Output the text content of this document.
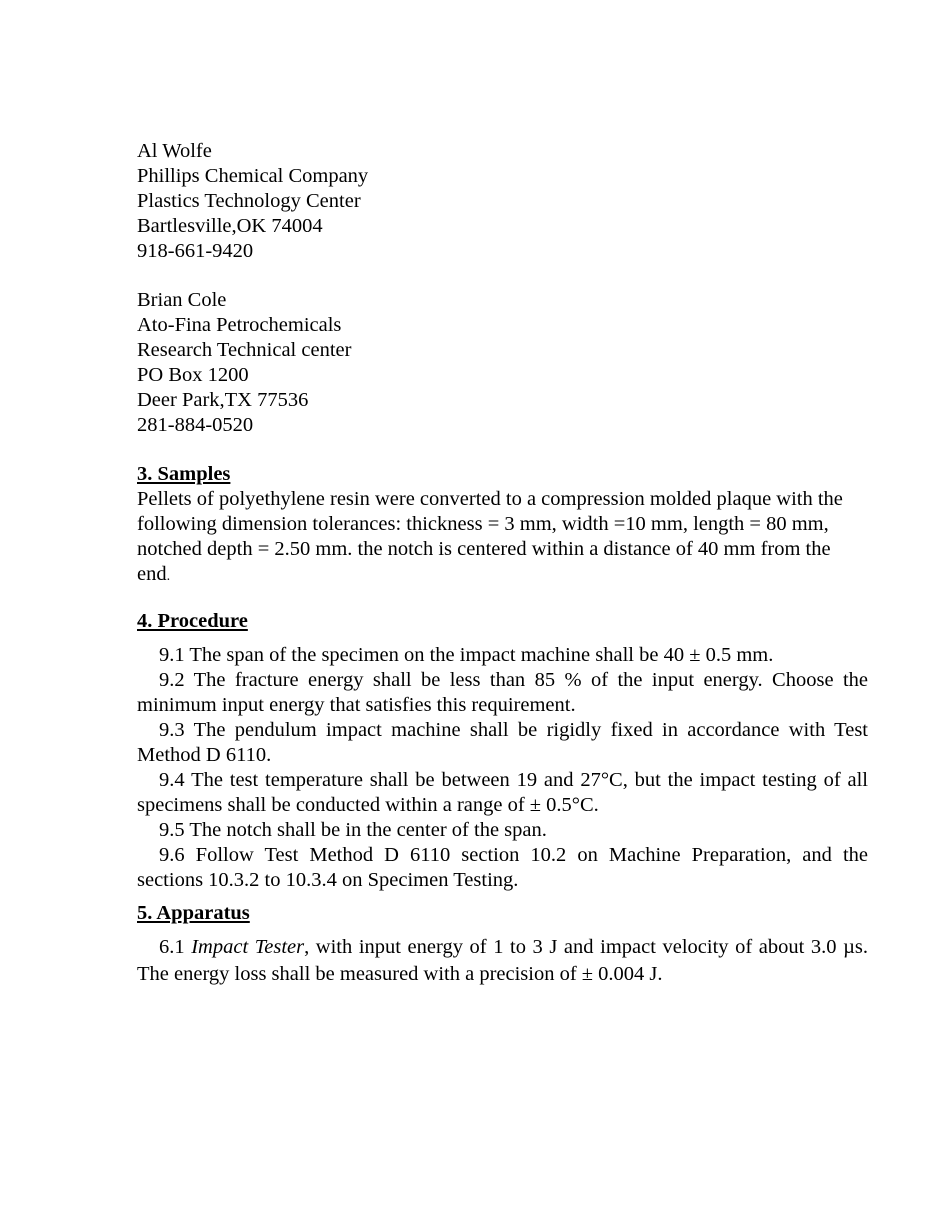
Al Wolfe
Phillips Chemical Company
Plastics Technology Center
Bartlesville,OK 74004
918-661-9420
Brian Cole
Ato-Fina Petrochemicals
Research Technical center
PO Box 1200
Deer Park,TX 77536
281-884-0520
3. Samples

Pellets of polyethylene resin were converted to a compression molded plaque with the following dimension tolerances: thickness = 3 mm, width =10 mm, length = 80 mm, notched depth = 2.50 mm. the notch is centered within a distance of 40 mm from the end.

4. Procedure

9.1 The span of the specimen on the impact machine shall be 40 ± 0.5 mm.

9.2 The fracture energy shall be less than 85 % of the input energy. Choose the minimum input energy that satisfies this requirement.

9.3 The pendulum impact machine shall be rigidly fixed in accordance with Test Method D 6110.

9.4 The test temperature shall be between 19 and 27°C, but the impact testing of all specimens shall be conducted within a range of ± 0.5°C.

9.5 The notch shall be in the center of the span.

9.6 Follow Test Method D 6110 section 10.2 on Machine Preparation, and the sections 10.3.2 to 10.3.4 on Specimen Testing.

5. Apparatus

6.1 Impact Tester, with input energy of 1 to 3 J and impact velocity of about 3.0 µs. The energy loss shall be measured with a precision of ± 0.004 J.
